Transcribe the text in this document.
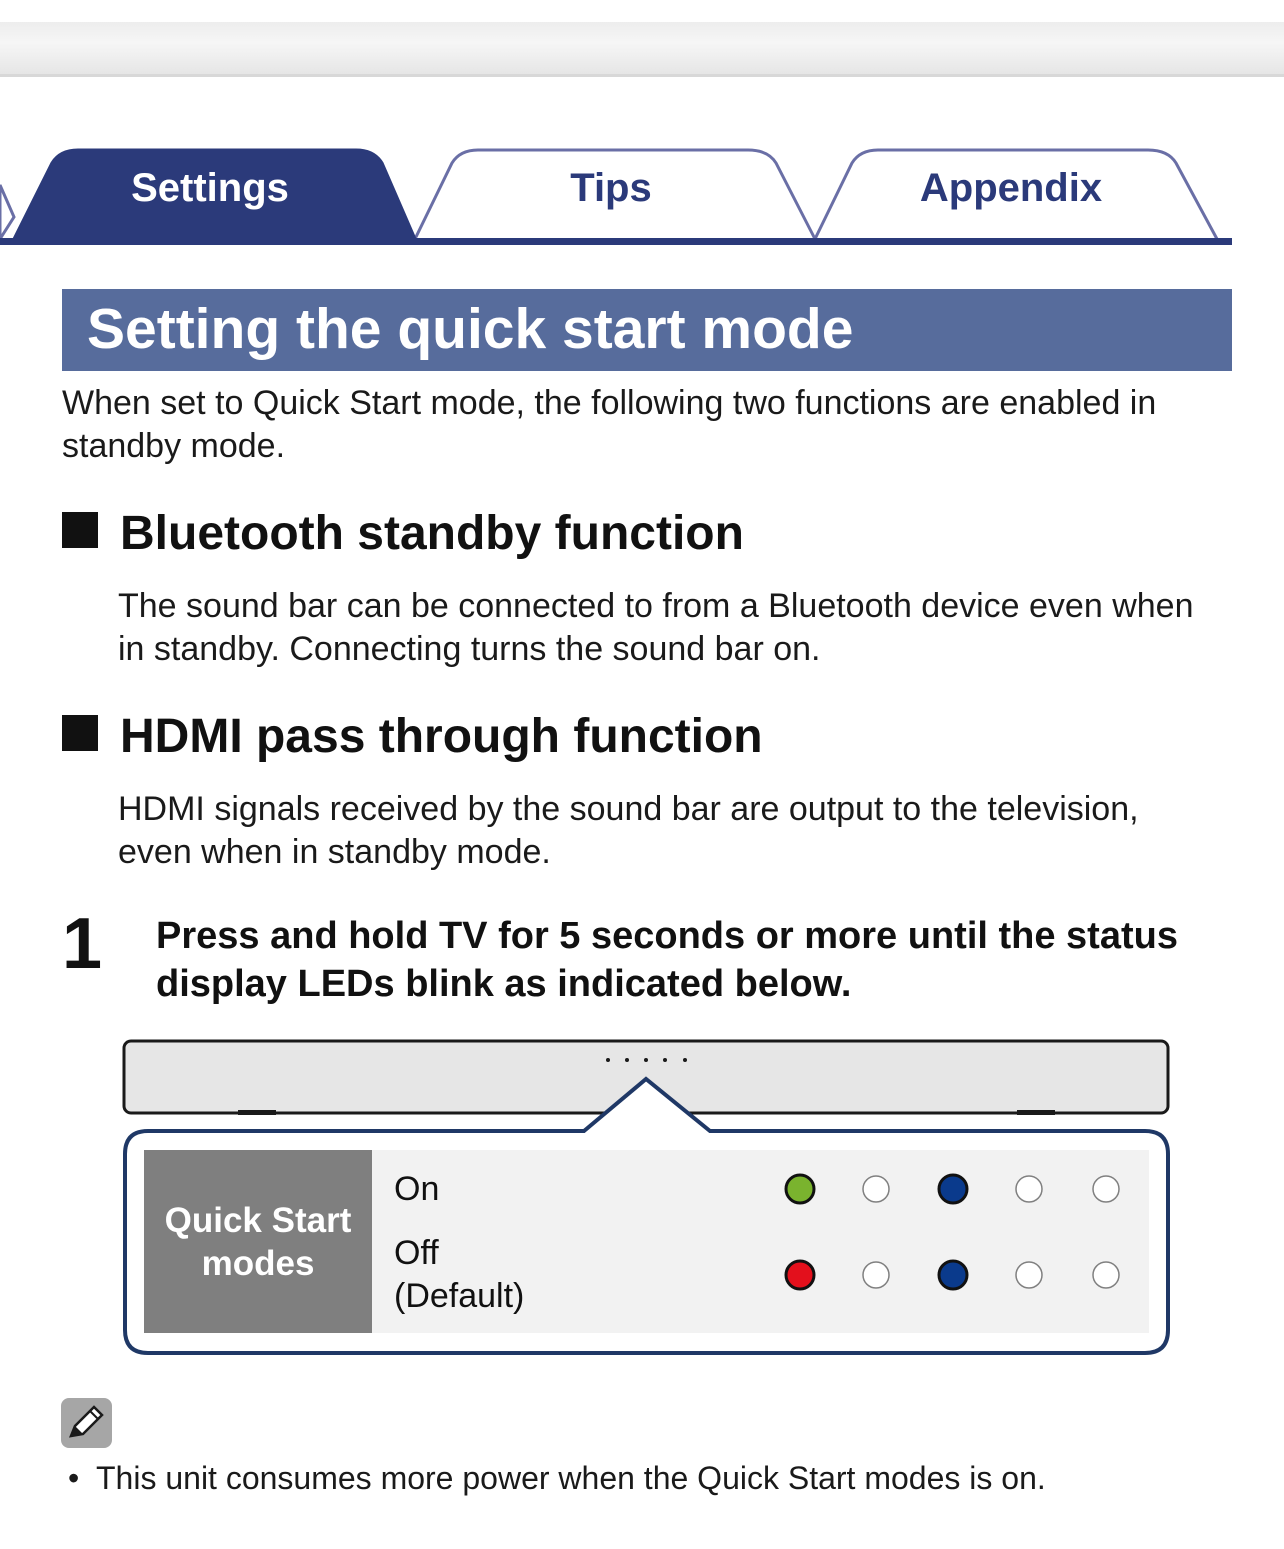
Settings	Tips	Appendix
Setting the quick start mode
When set to Quick Start mode, the following two functions are enabled in standby mode.
Bluetooth standby function
The sound bar can be connected to from a Bluetooth device even when in standby. Connecting turns the sound bar on.
HDMI pass through function
HDMI signals received by the sound bar are output to the television, even when in standby mode.
1 Press and hold TV for 5 seconds or more until the status display LEDs blink as indicated below.
Quick Start
modes
On
Off
(Default)
• This unit consumes more power when the Quick Start modes is on.
